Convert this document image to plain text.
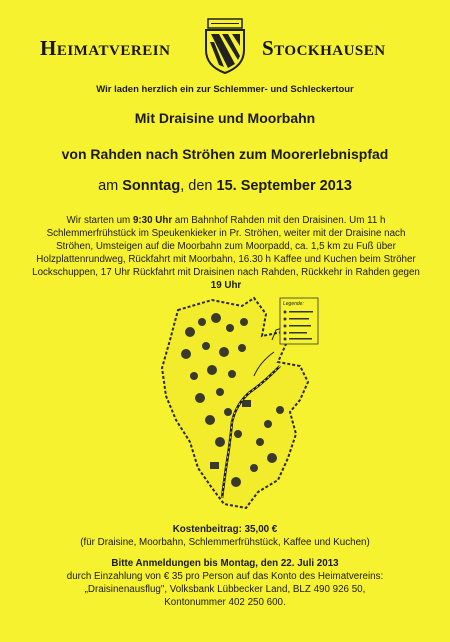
Heimatverein	Stockhausen
Wir laden herzlich ein zur Schlemmer- und Schleckertour
Mit Draisine und Moorbahn
von Rahden nach Ströhen zum Moorerlebnispfad
am Sonntag, den 15. September 2013
Wir starten um 9:30 Uhr am Bahnhof Rahden mit den Draisinen. Um 11 h Schlemmerfrühstück im Speukenkieker in Pr. Ströhen, weiter mit der Draisine nach Ströhen, Umsteigen auf die Moorbahn zum Moorpadd, ca. 1,5 km zu Fuß über Holzplattenrundweg, Rückfahrt mit Moorbahn, 16.30 h Kaffee und Kuchen beim Ströher Lockschuppen, 17 Uhr Rückfahrt mit Draisinen nach Rahden, Rückkehr in Rahden gegen 19 Uhr
Legende:
Kostenbeitrag: 35,00 €
(für Draisine, Moorbahn, Schlemmerfrühstück, Kaffee und Kuchen)
Bitte Anmeldungen bis Montag, den 22. Juli 2013
durch Einzahlung von € 35 pro Person auf das Konto des Heimatvereins:
„Draisinenausflug", Volksbank Lübbecker Land, BLZ 490 926 50,
Kontonummer 402 250 600.
